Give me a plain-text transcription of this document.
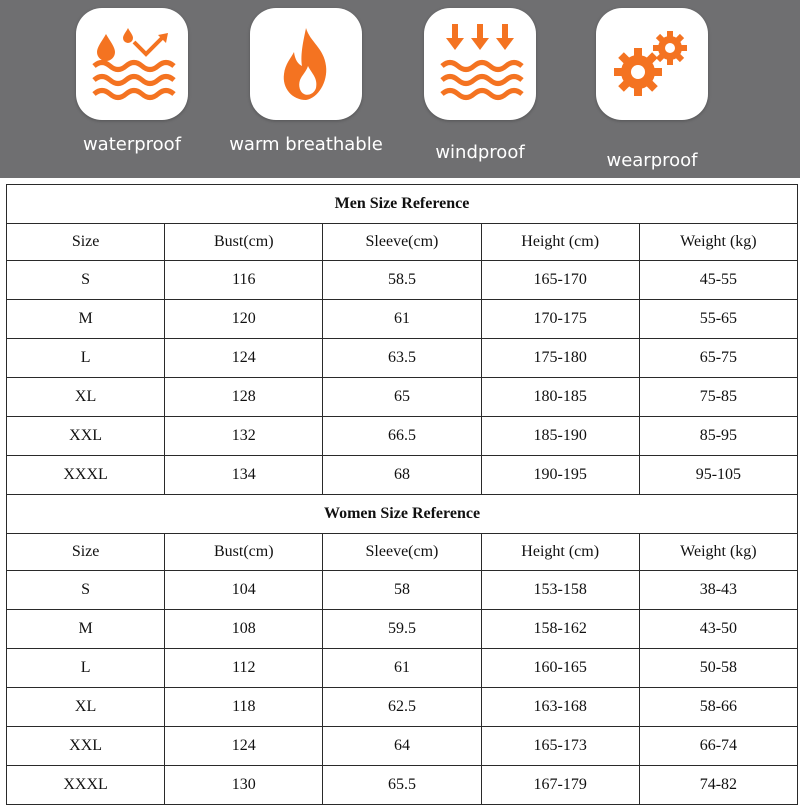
waterproof	warm breathable	windproof	wearproof
Men Size Reference				
Size	Bust(cm)	Sleeve(cm)	Height (cm)	Weight (kg)
S	116	58.5	165-170	45-55
M	120	61	170-175	55-65
L	124	63.5	175-180	65-75
XL	128	65	180-185	75-85
XXL	132	66.5	185-190	85-95
XXXL	134	68	190-195	95-105
Women Size Reference				
Size	Bust(cm)	Sleeve(cm)	Height (cm)	Weight (kg)
S	104	58	153-158	38-43
M	108	59.5	158-162	43-50
L	112	61	160-165	50-58
XL	118	62.5	163-168	58-66
XXL	124	64	165-173	66-74
XXXL	130	65.5	167-179	74-82
